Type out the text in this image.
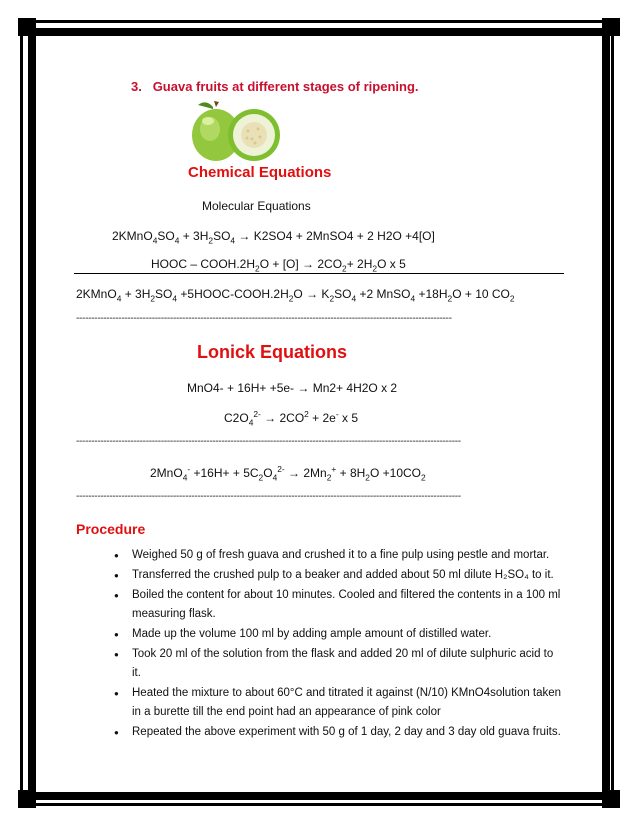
3. Guava fruits at different stages of ripening.
Chemical Equations
Molecular Equations
$2KMnO_4SO_4 + 3H_2SO_4 \to K2SO4$ + 2MnSO4 + 2 H2O +4[O]
HOOC – $COOH.2H_2O + [O] \to 2CO_2+ 2H_2O$ x 5
2KMnO$_4$ + $3H_2SO_4$ $+5HOOC-COOH.2H_2O \to K_2SO_4 +2$ MnSO$_4$ $+18H_2O + 10$ $CO_2$
----------------------------------------------------------------------------------------------------------------------------
Lonick Equations
MnO4- + 16H+ +5e- → Mn2+ 4H2O x 2
$C2O_4^{2-} \to 2CO^2 + 2e^-$ x 5
-------------------------------------------------------------------------------------------------------------------------------
$2MnO_4^- +16H+ + 5C_2O_4^{2-} \to 2Mn_2^+ + 8H_2O +10CO_2$
-------------------------------------------------------------------------------------------------------------------------------
Procedure
● Weighed 50 g of fresh guava and crushed it to a fine pulp using pestle and mortar.
● Transferred the crushed pulp to a beaker and added about 50 ml dilute H₂SO₄ to it.
● Boiled the content for about 10 minutes. Cooled and filtered the contents in a 100 ml measuring flask.
● Made up the volume 100 ml by adding ample amount of distilled water.
● Took 20 ml of the solution from the flask and added 20 ml of dilute sulphuric acid to it.
● Heated the mixture to about 60°C and titrated it against (N/10) KMnO4solution taken in a burette till the end point had an appearance of pink color
● Repeated the above experiment with 50 g of 1 day, 2 day and 3 day old guava fruits.
